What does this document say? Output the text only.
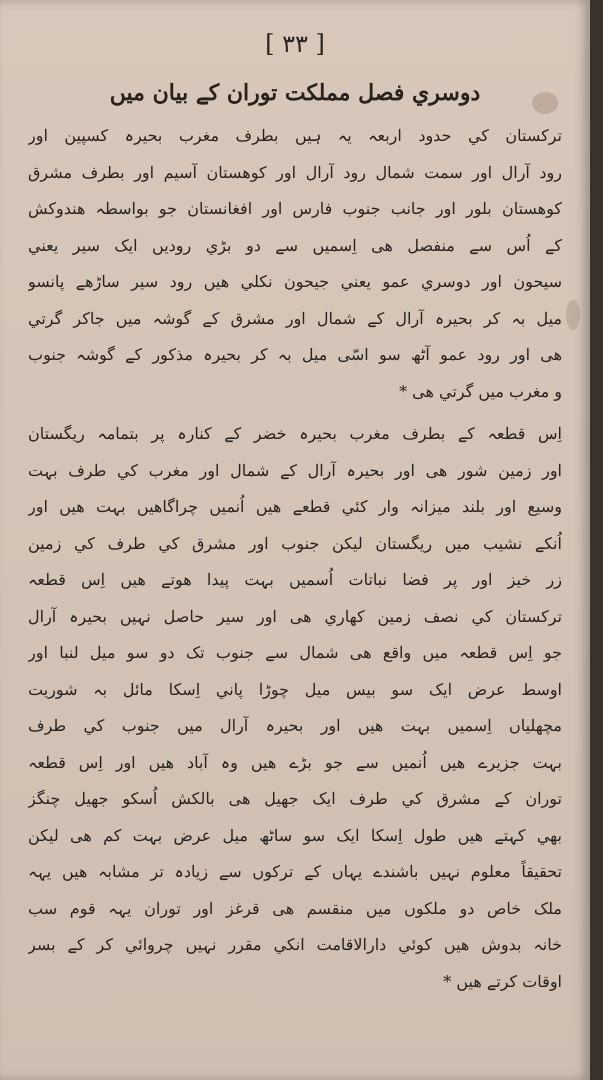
[ ٣٣ ]
دوسري فصل مملکت توران کے بیان میں
ترکستان کي حدود اربعہ یہ ہیں بطرف مغرب بحیرہ کسپین اور
رود آرال اور سمت شمال رود آرال اور کوهستان آسیم اور بطرف مشرق
کوهستان بلور اور جانب جنوب فارس اور افغانستان جو بواسطہ هندوکش
کے اُس سے منفصل ھی اِسمیں سے دو بڑي رودیں ایک سیر یعني
سیحون اور دوسري عمو یعني جیحون نکلي هیں رود سیر ساڑھے پانسو
میل بہ کر بحیرہ آرال کے شمال اور مشرق کے گوشہ میں جاکر گرتي
هی اور رود عمو آٹھ سو اسّی میل بہ کر بحیرہ مذکور کے گوشہ جنوب
و مغرب میں گرتي هی *
اِس قطعہ کے بطرف مغرب بحیرہ خضر کے کنارہ پر بتمامہ ریگستان
اور زمین شور هی اور بحیرہ آرال کے شمال اور مغرب کي طرف بہت
وسیع اور بلند میزانہ وار کئي قطعے هیں اُنمیں چراگاهیں بہت هیں اور
اُنکے نشیب میں ریگستان لیکن جنوب اور مشرق کي طرف کي زمین
زر خیز اور پر فضا نباتات اُسمیں بہت پیدا هوتے هیں اِس قطعہ
ترکستان کي نصف زمین کھاري هی اور سیر حاصل نہیں بحیرہ آرال
جو اِس قطعہ میں واقع هی شمال سے جنوب تک دو سو میل لنبا اور
اوسط عرض ایک سو بیس میل چوڑا پاني اِسکا مائل بہ شوریت
مچھلیاں اِسمیں بہت هیں اور بحیرہ آرال میں جنوب کي طرف
بہت جزیرے هیں اُنمیں سے جو بڑے هیں وہ آباد هیں اور اِس قطعہ
توران کے مشرق کي طرف ایک جھیل هی بالکش اُسکو جھیل چنگز
بھي کہتے هیں طول اِسکا ایک سو ساٹھ میل عرض بہت کم هی لیکن
تحقیقاً معلوم نہیں باشندے یہاں کے ترکوں سے زیادہ تر مشابہ هیں یہہ
ملک خاص دو ملکوں میں منقسم هی قرغز اور توران یہہ قوم سب
خانہ بدوش هیں کوئي دارالاقامت انکي مقرر نہیں چروائي کر کے بسر
اوقات کرتے هیں *
